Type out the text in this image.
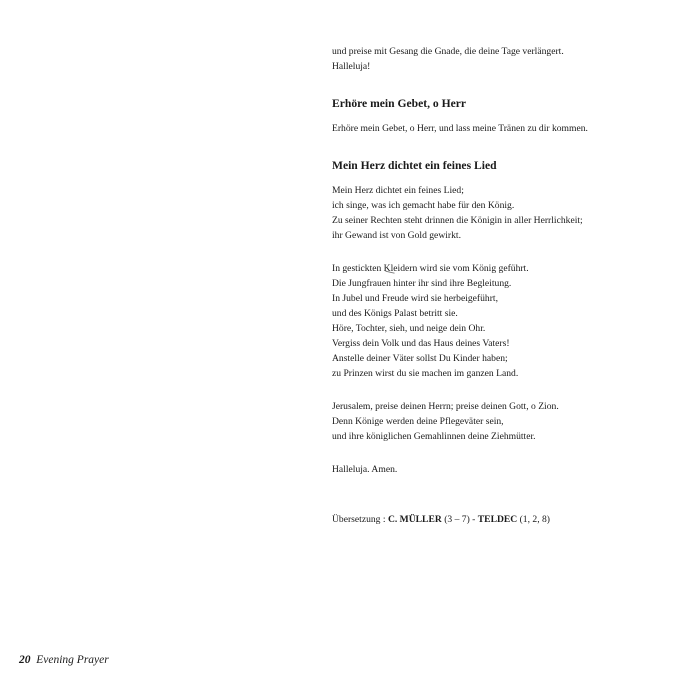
und preise mit Gesang die Gnade, die deine Tage verlängert.
Halleluja!
Erhöre mein Gebet, o Herr
Erhöre mein Gebet, o Herr, und lass meine Tränen zu dir kommen.
Mein Herz dichtet ein feines Lied
Mein Herz dichtet ein feines Lied;
ich singe, was ich gemacht habe für den König.
Zu seiner Rechten steht drinnen die Königin in aller Herrlichkeit;
ihr Gewand ist von Gold gewirkt.
In gestickten Kleidern wird sie vom König geführt.
Die Jungfrauen hinter ihr sind ihre Begleitung.
In Jubel und Freude wird sie herbeigeführt,
und des Königs Palast betritt sie.
Höre, Tochter, sieh, und neige dein Ohr.
Vergiss dein Volk und das Haus deines Vaters!
Anstelle deiner Väter sollst Du Kinder haben;
zu Prinzen wirst du sie machen im ganzen Land.
Jerusalem, preise deinen Herrn; preise deinen Gott, o Zion.
Denn Könige werden deine Pflegeväter sein,
und ihre königlichen Gemahlinnen deine Ziehmütter.
Halleluja. Amen.
Übersetzung : C. MÜLLER (3 – 7) - TELDEC (1, 2, 8)
20 Evening Prayer
